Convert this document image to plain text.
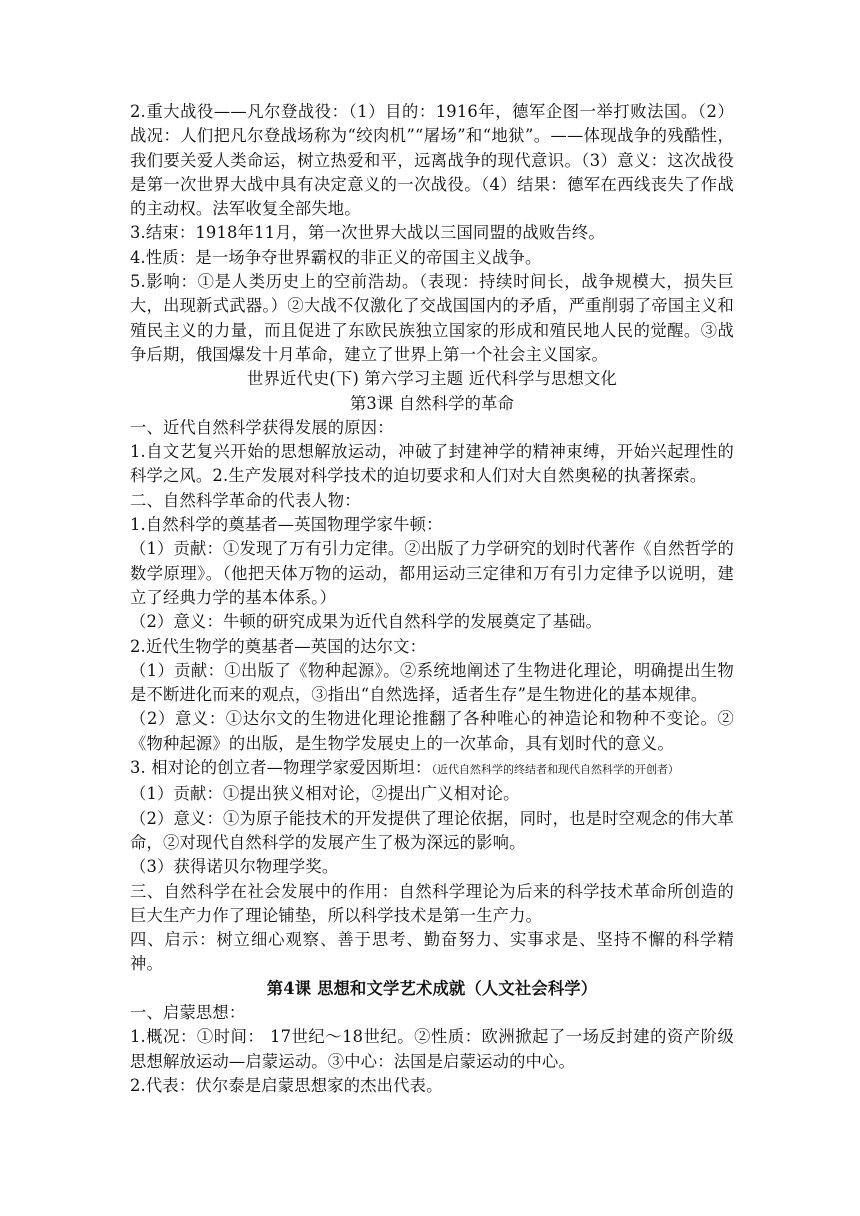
2.重大战役——凡尔登战役：（1）目的：1916年，德军企图一举打败法国。（2）战况：人们把凡尔登战场称为“绞肉机”“屠场”和“地狱”。——体现战争的残酷性，我们要关爱人类命运，树立热爱和平，远离战争的现代意识。（3）意义：这次战役是第一次世界大战中具有决定意义的一次战役。（4）结果：德军在西线丧失了作战的主动权。法军收复全部失地。

3.结束：1918年11月，第一次世界大战以三国同盟的战败告终。

4.性质：是一场争夺世界霸权的非正义的帝国主义战争。

5.影响：①是人类历史上的空前浩劫。（表现：持续时间长，战争规模大，损失巨大，出现新式武器。）②大战不仅激化了交战国国内的矛盾，严重削弱了帝国主义和殖民主义的力量，而且促进了东欧民族独立国家的形成和殖民地人民的觉醒。③战争后期，俄国爆发十月革命，建立了世界上第一个社会主义国家。

世界近代史(下) 第六学习主题 近代科学与思想文化

第3课 自然科学的革命

一、近代自然科学获得发展的原因：

1.自文艺复兴开始的思想解放运动，冲破了封建神学的精神束缚，开始兴起理性的科学之风。2.生产发展对科学技术的迫切要求和人们对大自然奥秘的执著探索。

二、自然科学革命的代表人物：

1.自然科学的奠基者—英国物理学家牛顿：

（1）贡献：①发现了万有引力定律。②出版了力学研究的划时代著作《自然哲学的数学原理》。（他把天体万物的运动，都用运动三定律和万有引力定律予以说明，建立了经典力学的基本体系。）

（2）意义：牛顿的研究成果为近代自然科学的发展奠定了基础。

2.近代生物学的奠基者—英国的达尔文：

（1）贡献：①出版了《物种起源》。②系统地阐述了生物进化理论，明确提出生物是不断进化而来的观点，③指出“自然选择，适者生存”是生物进化的基本规律。

（2）意义：①达尔文的生物进化理论推翻了各种唯心的神造论和物种不变论。②《物种起源》的出版，是生物学发展史上的一次革命，具有划时代的意义。

3. 相对论的创立者—物理学家爱因斯坦：（近代自然科学的终结者和现代自然科学的开创者）

（1）贡献：①提出狭义相对论，②提出广义相对论。

（2）意义：①为原子能技术的开发提供了理论依据，同时，也是时空观念的伟大革命，②对现代自然科学的发展产生了极为深远的影响。

（3）获得诺贝尔物理学奖。

三、自然科学在社会发展中的作用：自然科学理论为后来的科学技术革命所创造的巨大生产力作了理论铺垫，所以科学技术是第一生产力。

四、启示：树立细心观察、善于思考、勤奋努力、实事求是、坚持不懈的科学精神。

第4课 思想和文学艺术成就（人文社会科学）

一、启蒙思想：

1.概况：①时间： 17世纪～18世纪。②性质：欧洲掀起了一场反封建的资产阶级思想解放运动—启蒙运动。③中心：法国是启蒙运动的中心。

2.代表：伏尔泰是启蒙思想家的杰出代表。
